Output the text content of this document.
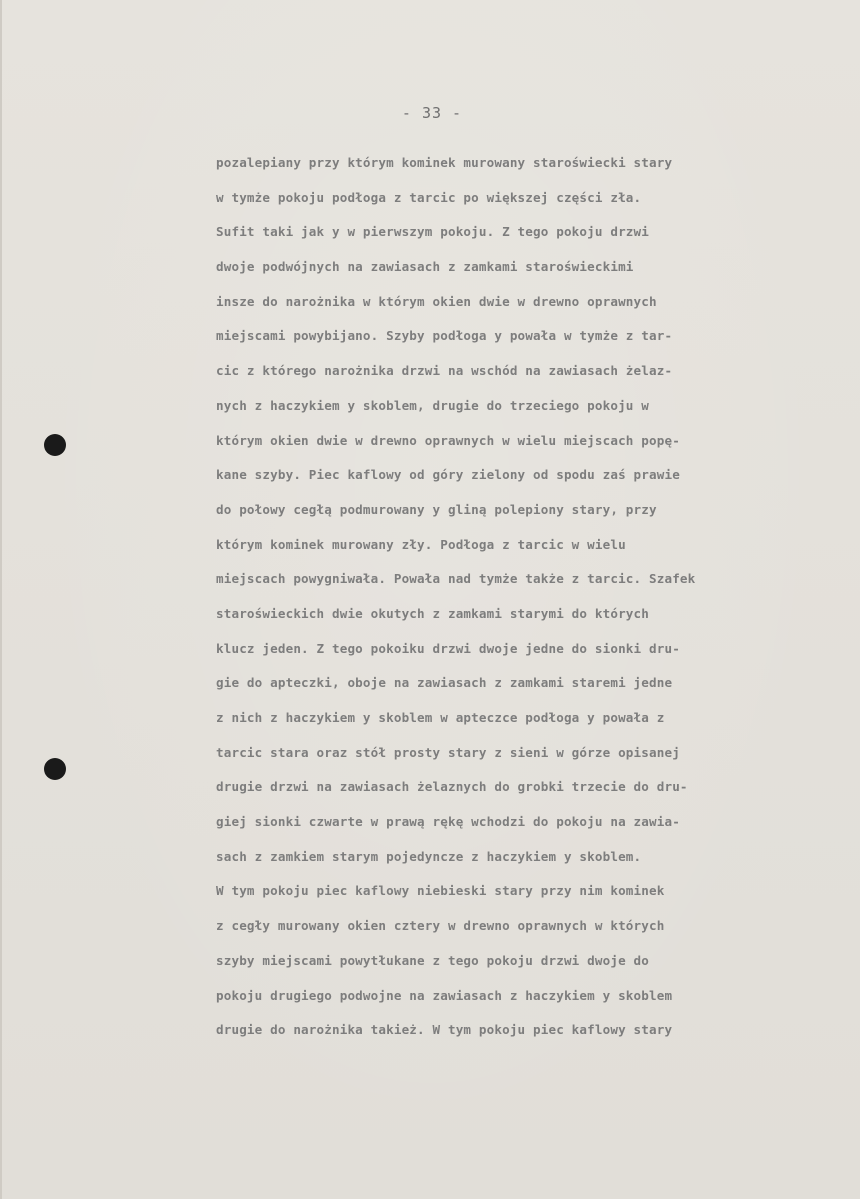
- 33 -
pozalepiany przy którym kominek murowany staroświecki stary
w tymże pokoju podłoga z tarcic po większej części zła.
Sufit taki jak y w pierwszym pokoju. Z tego pokoju drzwi
dwoje podwójnych na zawiasach z zamkami staroświeckimi
insze do narożnika w którym okien dwie w drewno oprawnych
miejscami powybijano. Szyby podłoga y powała w tymże z tar-
cic z którego narożnika drzwi na wschód na zawiasach żelaz-
nych z haczykiem y skoblem, drugie do trzeciego pokoju w
którym okien dwie w drewno oprawnych w wielu miejscach popę-
kane szyby. Piec kaflowy od góry zielony od spodu zaś prawie
do połowy cegłą podmurowany y gliną polepiony stary, przy
którym kominek murowany zły. Podłoga z tarcic w wielu
miejscach powygniwała. Powała nad tymże także z tarcic. Szafek
staroświeckich dwie okutych z zamkami starymi do których
klucz jeden. Z tego pokoiku drzwi dwoje jedne do sionki dru-
gie do apteczki, oboje na zawiasach z zamkami staremi jedne
z nich z haczykiem y skoblem w apteczce podłoga y powała z
tarcic stara oraz stół prosty stary z sieni w górze opisanej
drugie drzwi na zawiasach żelaznych do grobki trzecie do dru-
giej sionki czwarte w prawą rękę wchodzi do pokoju na zawia-
sach z zamkiem starym pojedyncze z haczykiem y skoblem.
W tym pokoju piec kaflowy niebieski stary przy nim kominek
z cegły murowany okien cztery w drewno oprawnych w których
szyby miejscami powytłukane z tego pokoju drzwi dwoje do
pokoju drugiego podwojne na zawiasach z haczykiem y skoblem
drugie do narożnika takież. W tym pokoju piec kaflowy stary
